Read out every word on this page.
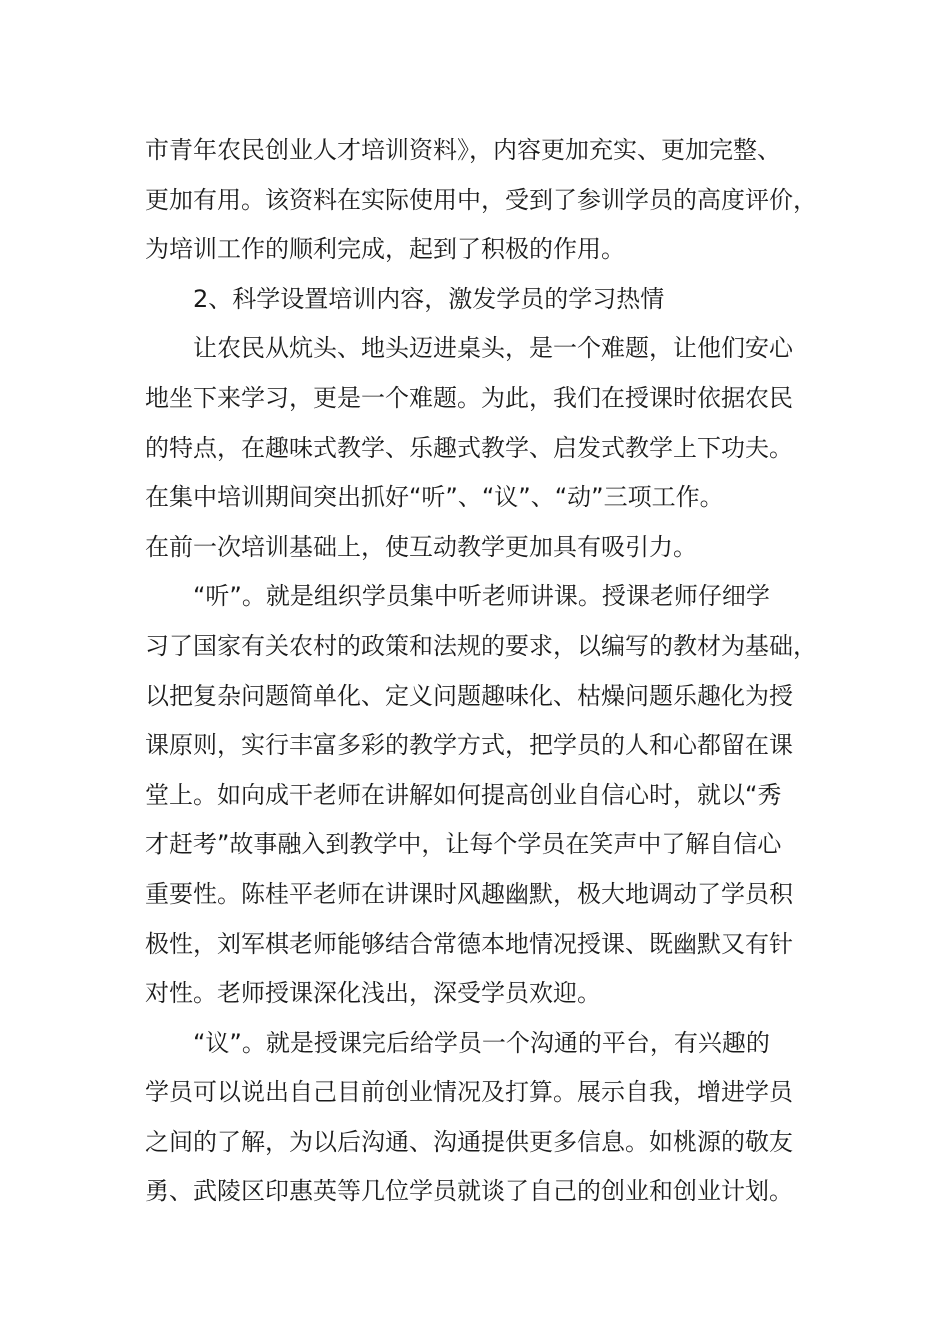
市青年农民创业人才培训资料》，内容更加充实、更加完整、
更加有用。该资料在实际使用中，受到了参训学员的高度评价，
为培训工作的顺利完成，起到了积极的作用。
2、科学设置培训内容，激发学员的学习热情
让农民从炕头、地头迈进桌头，是一个难题，让他们安心
地坐下来学习，更是一个难题。为此，我们在授课时依据农民
的特点，在趣味式教学、乐趣式教学、启发式教学上下功夫。
在集中培训期间突出抓好“听”、“议”、“动”三项工作。
在前一次培训基础上，使互动教学更加具有吸引力。
“听”。就是组织学员集中听老师讲课。授课老师仔细学
习了国家有关农村的政策和法规的要求，以编写的教材为基础，
以把复杂问题简单化、定义问题趣味化、枯燥问题乐趣化为授
课原则，实行丰富多彩的教学方式，把学员的人和心都留在课
堂上。如向成干老师在讲解如何提高创业自信心时，就以“秀
才赶考”故事融入到教学中，让每个学员在笑声中了解自信心
重要性。陈桂平老师在讲课时风趣幽默，极大地调动了学员积
极性，刘军棋老师能够结合常德本地情况授课、既幽默又有针
对性。老师授课深化浅出，深受学员欢迎。
“议”。就是授课完后给学员一个沟通的平台，有兴趣的
学员可以说出自己目前创业情况及打算。展示自我，增进学员
之间的了解，为以后沟通、沟通提供更多信息。如桃源的敬友
勇、武陵区印惠英等几位学员就谈了自己的创业和创业计划。
